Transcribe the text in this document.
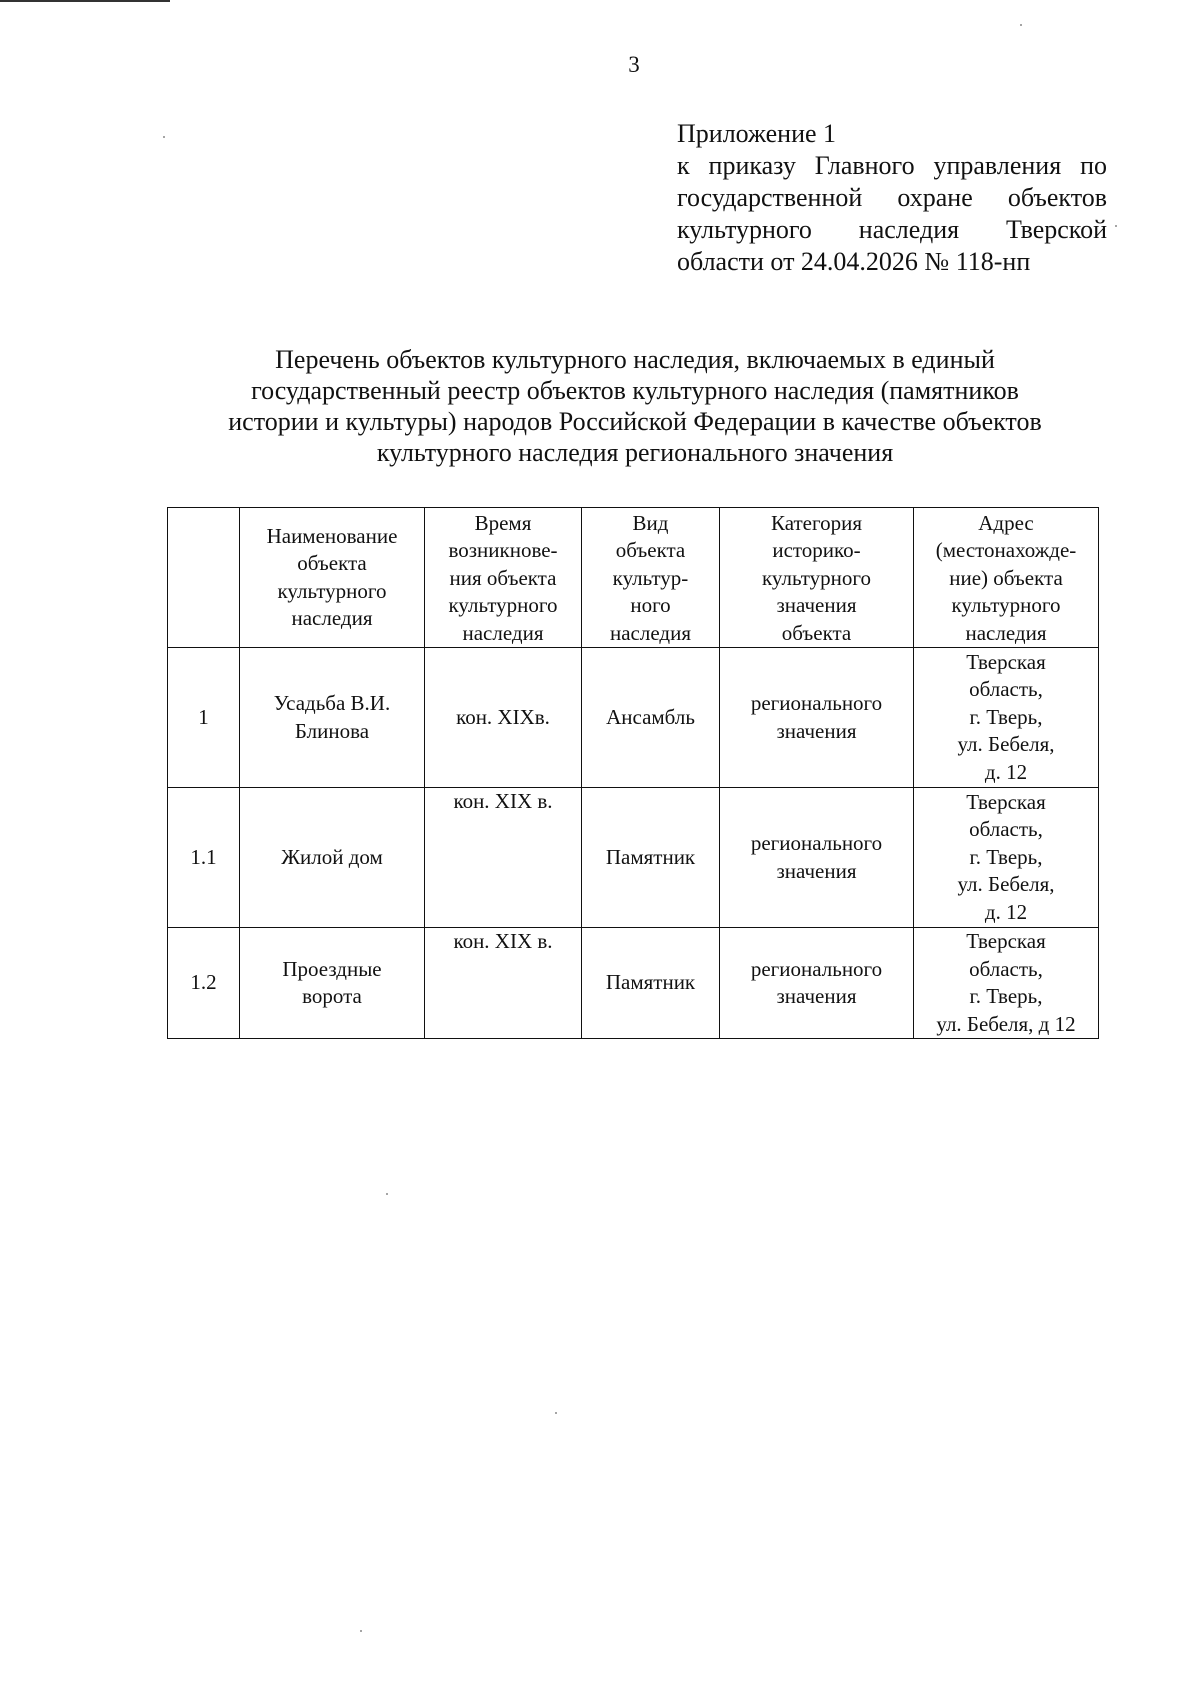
3
Приложение 1
к приказу Главного управления по
государственной охране объектов
культурного наследия Тверской
области от 24.04.2026 № 118-нп
Перечень объектов культурного наследия, включаемых в единый
государственный реестр объектов культурного наследия (памятников
истории и культуры) народов Российской Федерации в качестве объектов
культурного наследия регионального значения

	Наименование
объекта
культурного
наследия	Время
возникнове-
ния объекта
культурного
наследия	Вид
объекта
культур-
ного
наследия	Категория
историко-
культурного
значения
объекта	Адрес
(местонахожде-
ние) объекта
культурного
наследия

1	Усадьба В.И.
Блинова	кон. XIXв.	Ансамбль	регионального
значения	Тверская
область,
г. Тверь,
ул. Бебеля,
д. 12

1.1	Жилой дом	кон. XIX в.	Памятник	регионального
значения	Тверская
область,
г. Тверь,
ул. Бебеля,
д. 12

1.2	Проездные
ворота	кон. XIX в.	Памятник	регионального
значения	Тверская
область,
г. Тверь,
ул. Бебеля, д 12
